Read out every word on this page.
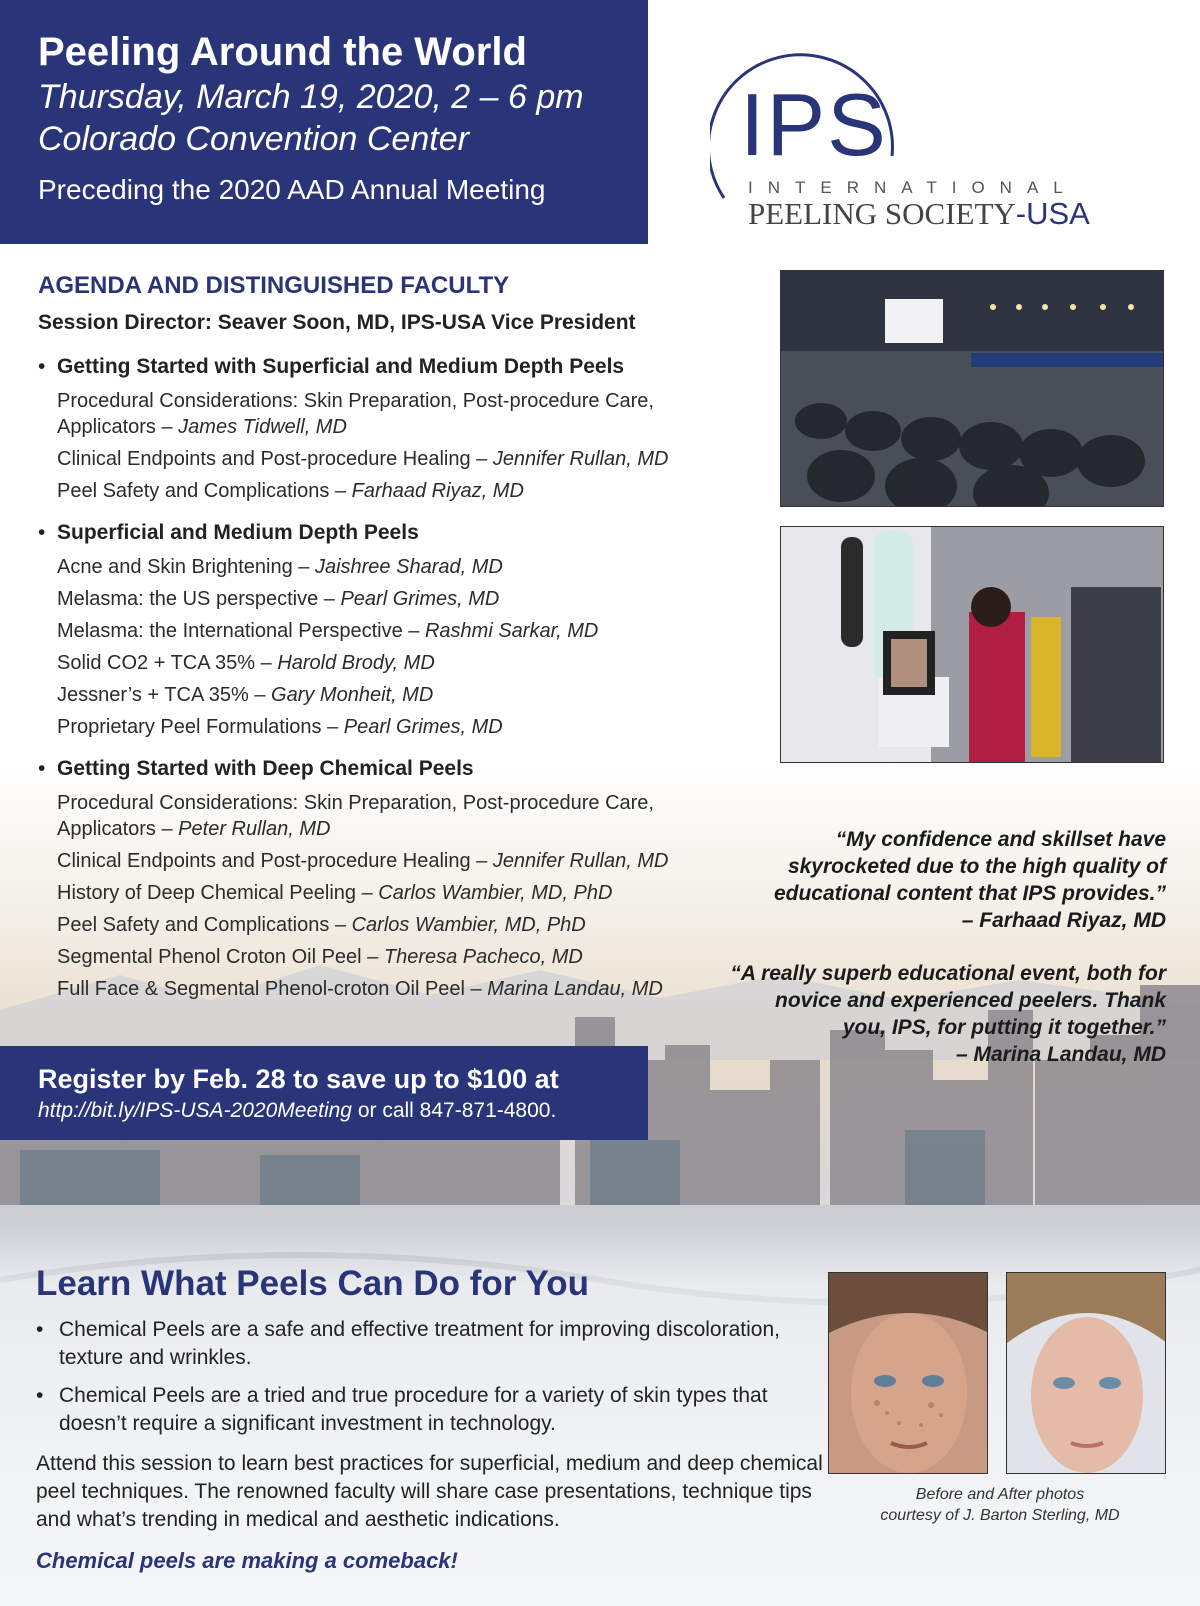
Peeling Around the World
Thursday, March 19, 2020, 2 – 6 pm
Colorado Convention Center
Preceding the 2020 AAD Annual Meeting
IPS
INTERNATIONAL
PEELING SOCIETY-USA
AGENDA AND DISTINGUISHED FACULTY
Session Director: Seaver Soon, MD, IPS-USA Vice President
• Getting Started with Superficial and Medium Depth Peels
Procedural Considerations: Skin Preparation, Post-procedure Care, Applicators – James Tidwell, MD
Clinical Endpoints and Post-procedure Healing – Jennifer Rullan, MD
Peel Safety and Complications – Farhaad Riyaz, MD
• Superficial and Medium Depth Peels
Acne and Skin Brightening – Jaishree Sharad, MD
Melasma: the US perspective – Pearl Grimes, MD
Melasma: the International Perspective – Rashmi Sarkar, MD
Solid CO2 + TCA 35% – Harold Brody, MD
Jessner’s + TCA 35% – Gary Monheit, MD
Proprietary Peel Formulations – Pearl Grimes, MD
• Getting Started with Deep Chemical Peels
Procedural Considerations: Skin Preparation, Post-procedure Care, Applicators – Peter Rullan, MD
Clinical Endpoints and Post-procedure Healing – Jennifer Rullan, MD
History of Deep Chemical Peeling – Carlos Wambier, MD, PhD
Peel Safety and Complications – Carlos Wambier, MD, PhD
Segmental Phenol Croton Oil Peel – Theresa Pacheco, MD
Full Face & Segmental Phenol-croton Oil Peel – Marina Landau, MD
“My confidence and skillset have skyrocketed due to the high quality of educational content that IPS provides.”
– Farhaad Riyaz, MD
“A really superb educational event, both for novice and experienced peelers. Thank you, IPS, for putting it together.”
– Marina Landau, MD
Register by Feb. 28 to save up to $100 at
http://bit.ly/IPS-USA-2020Meeting or call 847-871-4800.
Learn What Peels Can Do for You
• Chemical Peels are a safe and effective treatment for improving discoloration, texture and wrinkles.
• Chemical Peels are a tried and true procedure for a variety of skin types that doesn’t require a significant investment in technology.
Attend this session to learn best practices for superficial, medium and deep chemical peel techniques. The renowned faculty will share case presentations, technique tips and what’s trending in medical and aesthetic indications.
Chemical peels are making a comeback!
Before and After photos
courtesy of J. Barton Sterling, MD
